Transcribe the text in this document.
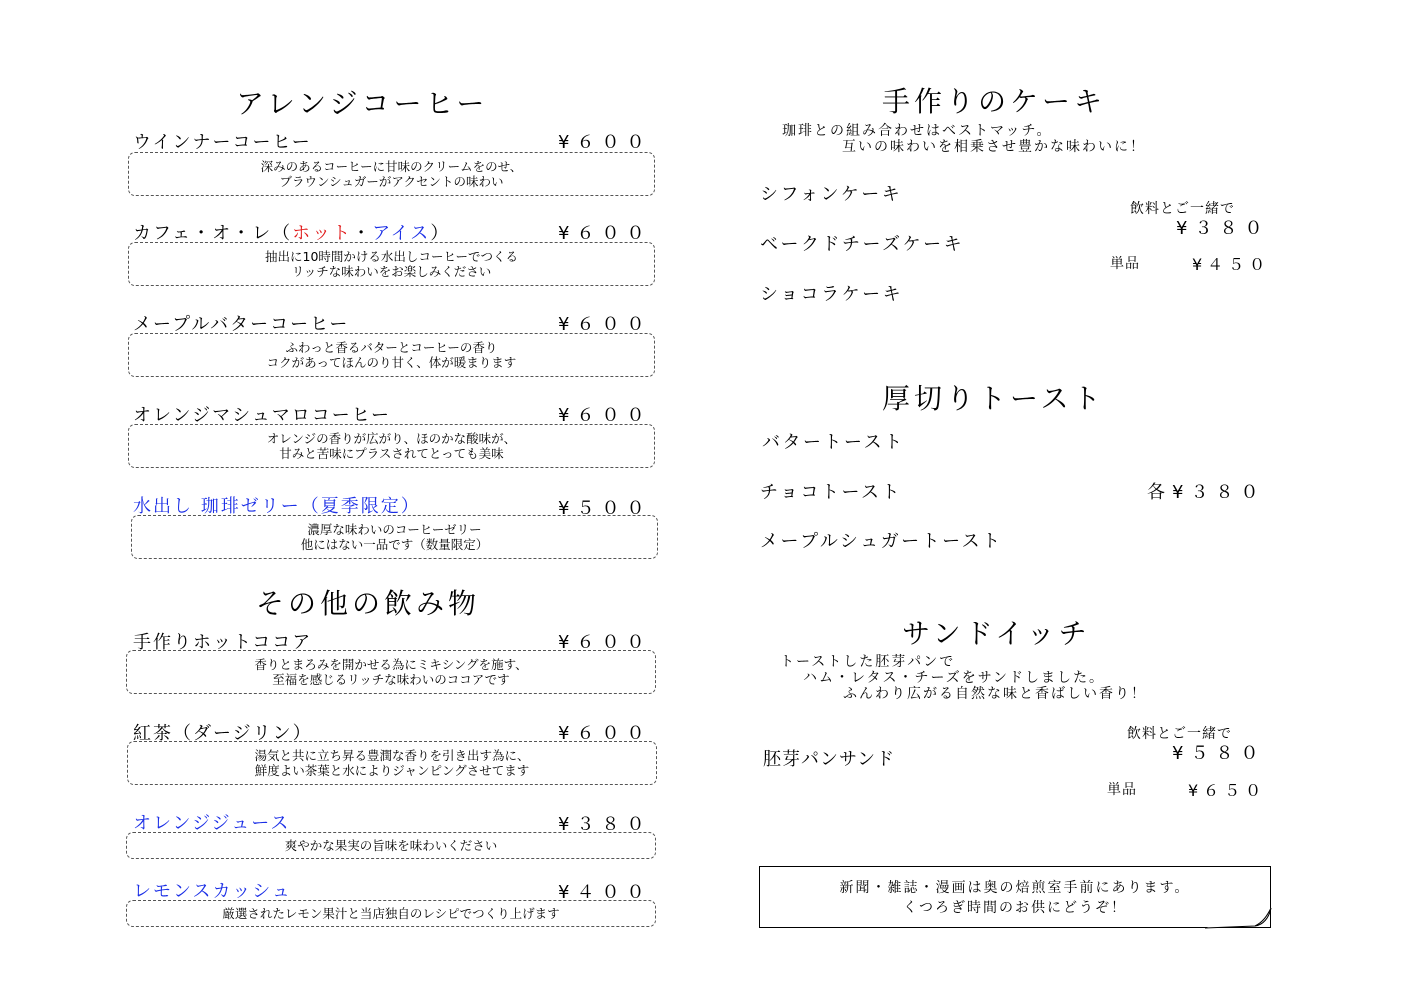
アレンジコーヒー
ウインナーコーヒー	¥６００
深みのあるコーヒーに甘味のクリームをのせ、
ブラウンシュガーがアクセントの味わい
カフェ・オ・レ（ホット・アイス）	¥６００
抽出に10時間かける水出しコーヒーでつくる
リッチな味わいをお楽しみください
メープルバターコーヒー	¥６００
ふわっと香るバターとコーヒーの香り
コクがあってほんのり甘く、体が暖まります
オレンジマシュマロコーヒー	¥６００
オレンジの香りが広がり、ほのかな酸味が、
甘みと苦味にプラスされてとっても美味
水出し 珈琲ゼリー（夏季限定）	¥５００
濃厚な味わいのコーヒーゼリー
他にはない一品です（数量限定）
その他の飲み物
手作りホットココア	¥６００
香りとまろみを開かせる為にミキシングを施す、
至福を感じるリッチな味わいのココアです
紅茶（ダージリン）	¥６００
湯気と共に立ち昇る豊潤な香りを引き出す為に、
鮮度よい茶葉と水によりジャンピングさせてます
オレンジジュース	¥３８０
爽やかな果実の旨味を味わいください
レモンスカッシュ	¥４００
厳選されたレモン果汁と当店独自のレシピでつくり上げます
手作りのケーキ
珈琲との組み合わせはベストマッチ。
互いの味わいを相乗させ豊かな味わいに！
シフォンケーキ
ベークドチーズケーキ
ショコラケーキ
飲料とご一緒で
¥３８０
単品	¥４５０
厚切りトースト
バタートースト
チョコトースト
メープルシュガートースト
各¥３８０
サンドイッチ
トーストした胚芽パンで
ハム・レタス・チーズをサンドしました。
ふんわり広がる自然な味と香ばしい香り！
飲料とご一緒で
¥５８０
胚芽パンサンド
単品	¥６５０
新聞・雑誌・漫画は奥の焙煎室手前にあります。
くつろぎ時間のお供にどうぞ！
